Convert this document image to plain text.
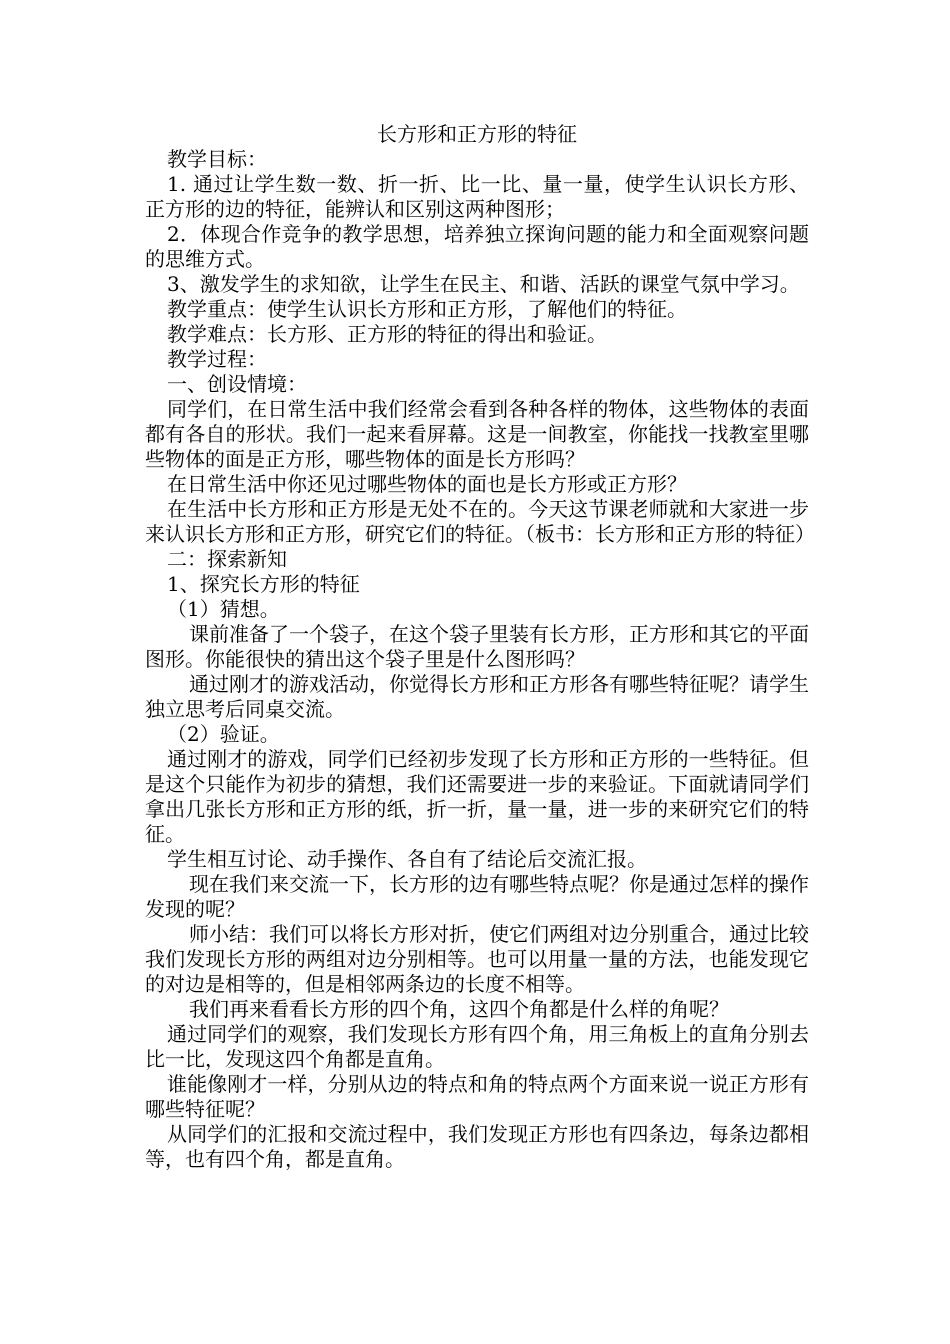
长方形和正方形的特征

教学目标：

1. 通过让学生数一数、折一折、比一比、量一量，使学生认识长方形、正方形的边的特征，能辨认和区别这两种图形；

2．体现合作竞争的教学思想，培养独立探询问题的能力和全面观察问题的思维方式。

3、激发学生的求知欲，让学生在民主、和谐、活跃的课堂气氛中学习。

教学重点：使学生认识长方形和正方形，了解他们的特征。

教学难点：长方形、正方形的特征的得出和验证。

教学过程：

一、创设情境：

同学们，在日常生活中我们经常会看到各种各样的物体，这些物体的表面都有各自的形状。我们一起来看屏幕。这是一间教室，你能找一找教室里哪些物体的面是正方形，哪些物体的面是长方形吗？

在日常生活中你还见过哪些物体的面也是长方形或正方形？

在生活中长方形和正方形是无处不在的。今天这节课老师就和大家进一步来认识长方形和正方形，研究它们的特征。（板书：长方形和正方形的特征）

二：探索新知

1、探究长方形的特征

（1）猜想。

课前准备了一个袋子，在这个袋子里装有长方形，正方形和其它的平面图形。你能很快的猜出这个袋子里是什么图形吗？

通过刚才的游戏活动，你觉得长方形和正方形各有哪些特征呢？请学生独立思考后同桌交流。

（2）验证。

通过刚才的游戏，同学们已经初步发现了长方形和正方形的一些特征。但是这个只能作为初步的猜想，我们还需要进一步的来验证。下面就请同学们拿出几张长方形和正方形的纸，折一折，量一量，进一步的来研究它们的特征。

学生相互讨论、动手操作、各自有了结论后交流汇报。

现在我们来交流一下，长方形的边有哪些特点呢？你是通过怎样的操作发现的呢？

师小结：我们可以将长方形对折，使它们两组对边分别重合，通过比较我们发现长方形的两组对边分别相等。也可以用量一量的方法，也能发现它的对边是相等的，但是相邻两条边的长度不相等。

我们再来看看长方形的四个角，这四个角都是什么样的角呢？

通过同学们的观察，我们发现长方形有四个角，用三角板上的直角分别去比一比，发现这四个角都是直角。

谁能像刚才一样，分别从边的特点和角的特点两个方面来说一说正方形有哪些特征呢？

从同学们的汇报和交流过程中，我们发现正方形也有四条边，每条边都相等，也有四个角，都是直角。
